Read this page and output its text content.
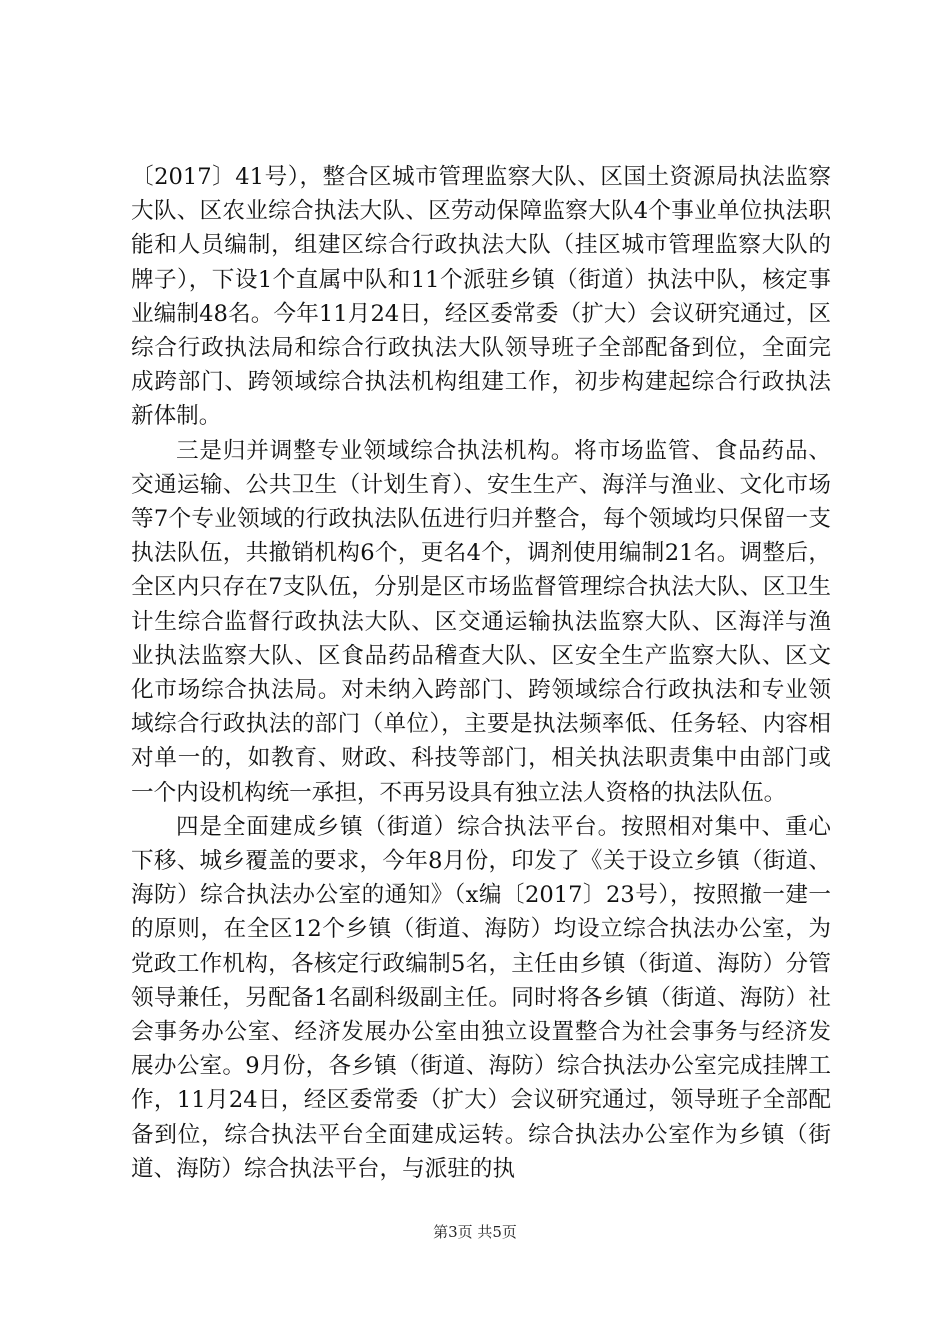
〔2017〕41号），整合区城市管理监察大队、区国土资源局执法监察大队、区农业综合执法大队、区劳动保障监察大队4个事业单位执法职能和人员编制，组建区综合行政执法大队（挂区城市管理监察大队的牌子），下设1个直属中队和11个派驻乡镇（街道）执法中队，核定事业编制48名。今年11月24日，经区委常委（扩大）会议研究通过，区综合行政执法局和综合行政执法大队领导班子全部配备到位，全面完成跨部门、跨领域综合执法机构组建工作，初步构建起综合行政执法新体制。

三是归并调整专业领域综合执法机构。将市场监管、食品药品、交通运输、公共卫生（计划生育）、安生生产、海洋与渔业、文化市场等7个专业领域的行政执法队伍进行归并整合，每个领域均只保留一支执法队伍，共撤销机构6个，更名4个，调剂使用编制21名。调整后，全区内只存在7支队伍，分别是区市场监督管理综合执法大队、区卫生计生综合监督行政执法大队、区交通运输执法监察大队、区海洋与渔业执法监察大队、区食品药品稽查大队、区安全生产监察大队、区文化市场综合执法局。对未纳入跨部门、跨领域综合行政执法和专业领域综合行政执法的部门（单位），主要是执法频率低、任务轻、内容相对单一的，如教育、财政、科技等部门，相关执法职责集中由部门或一个内设机构统一承担，不再另设具有独立法人资格的执法队伍。

四是全面建成乡镇（街道）综合执法平台。按照相对集中、重心下移、城乡覆盖的要求，今年8月份，印发了《关于设立乡镇（街道、海防）综合执法办公室的通知》（x编〔2017〕23号），按照撤一建一的原则，在全区12个乡镇（街道、海防）均设立综合执法办公室，为党政工作机构，各核定行政编制5名，主任由乡镇（街道、海防）分管领导兼任，另配备1名副科级副主任。同时将各乡镇（街道、海防）社会事务办公室、经济发展办公室由独立设置整合为社会事务与经济发展办公室。9月份，各乡镇（街道、海防）综合执法办公室完成挂牌工作，11月24日，经区委常委（扩大）会议研究通过，领导班子全部配备到位，综合执法平台全面建成运转。综合执法办公室作为乡镇（街道、海防）综合执法平台，与派驻的执

第3页 共5页
